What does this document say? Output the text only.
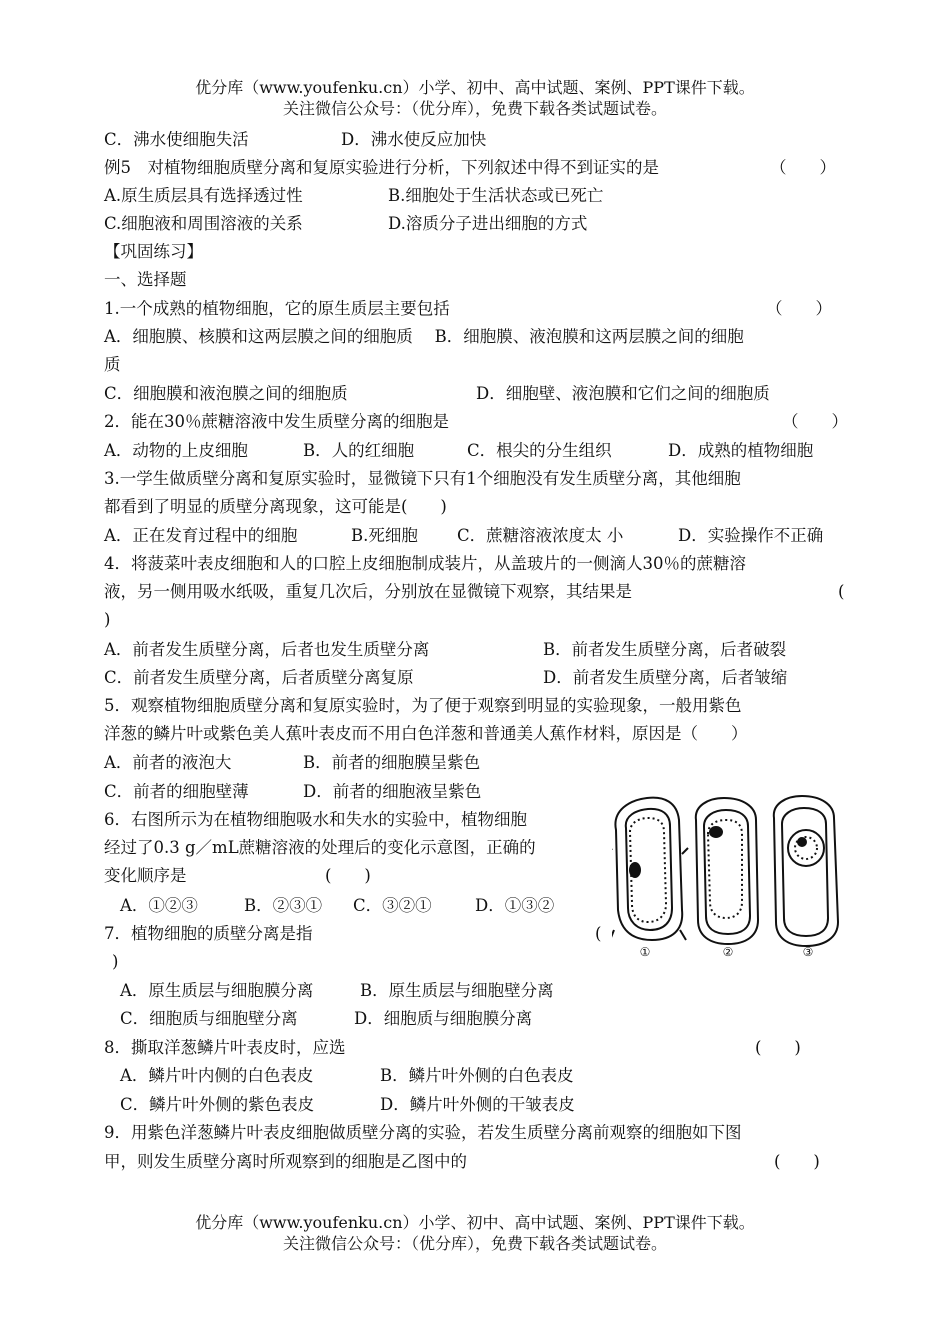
优分库（www.youfenku.cn）小学、初中、高中试题、案例、PPT课件下载。
关注微信公众号：（优分库），免费下载各类试题试卷。
C．沸水使细胞失活	D．沸水使反应加快
例5　对植物细胞质壁分离和复原实验进行分析，下列叙述中得不到证实的是	（　　）
A.原生质层具有选择透过性	B.细胞处于生活状态或已死亡
C.细胞液和周围溶液的关系	D.溶质分子进出细胞的方式
【巩固练习】
一、选择题
1.一个成熟的植物细胞，它的原生质层主要包括	（　　）
A．细胞膜、核膜和这两层膜之间的细胞质　 B．细胞膜、液泡膜和这两层膜之间的细胞
质
C．细胞膜和液泡膜之间的细胞质	D．细胞壁、液泡膜和它们之间的细胞质
2．能在30％蔗糖溶液中发生质壁分离的细胞是	（　　）
A．动物的上皮细胞	B．人的红细胞	C．根尖的分生组织	D．成熟的植物细胞
3.一学生做质壁分离和复原实验时，显微镜下只有1个细胞没有发生质壁分离，其他细胞
都看到了明显的质壁分离现象，这可能是(　　)
A．正在发育过程中的细胞	B.死细胞 C．蔗糖溶液浓度太 小	D．实验操作不正确
4．将菠菜叶表皮细胞和人的口腔上皮细胞制成装片，从盖玻片的一侧滴人30％的蔗糖溶
液，另一侧用吸水纸吸，重复几次后，分别放在显微镜下观察，其结果是	(
)
A．前者发生质壁分离，后者也发生质壁分离	B．前者发生质壁分离，后者破裂
C．前者发生质壁分离，后者质壁分离复原	D．前者发生质壁分离，后者皱缩
5．观察植物细胞质壁分离和复原实验时，为了便于观察到明显的实验现象，一般用紫色
洋葱的鳞片叶或紫色美人蕉叶表皮而不用白色洋葱和普通美人蕉作材料，原因是（　　）
A．前者的液泡大	B．前者的细胞膜呈紫色
C．前者的细胞壁薄	D．前者的细胞液呈紫色
6．右图所示为在植物细胞吸水和失水的实验中，植物细胞
经过了0.3 g／mL蔗糖溶液的处理后的变化示意图，正确的
变化顺序是	(　　)
A．①②③	B．②③① C．③②①	D．①③②
①	②	③
7．植物细胞的质壁分离是指	(
)
A．原生质层与细胞膜分离	B．原生质层与细胞壁分离
C．细胞质与细胞壁分离	D．细胞质与细胞膜分离
8．撕取洋葱鳞片叶表皮时，应选	(　　)
A．鳞片叶内侧的白色表皮	B．鳞片叶外侧的白色表皮
C．鳞片叶外侧的紫色表皮	D．鳞片叶外侧的干皱表皮
9．用紫色洋葱鳞片叶表皮细胞做质壁分离的实验，若发生质壁分离前观察的细胞如下图
甲，则发生质壁分离时所观察到的细胞是乙图中的	(　　)
优分库（www.youfenku.cn）小学、初中、高中试题、案例、PPT课件下载。
关注微信公众号：（优分库），免费下载各类试题试卷。
